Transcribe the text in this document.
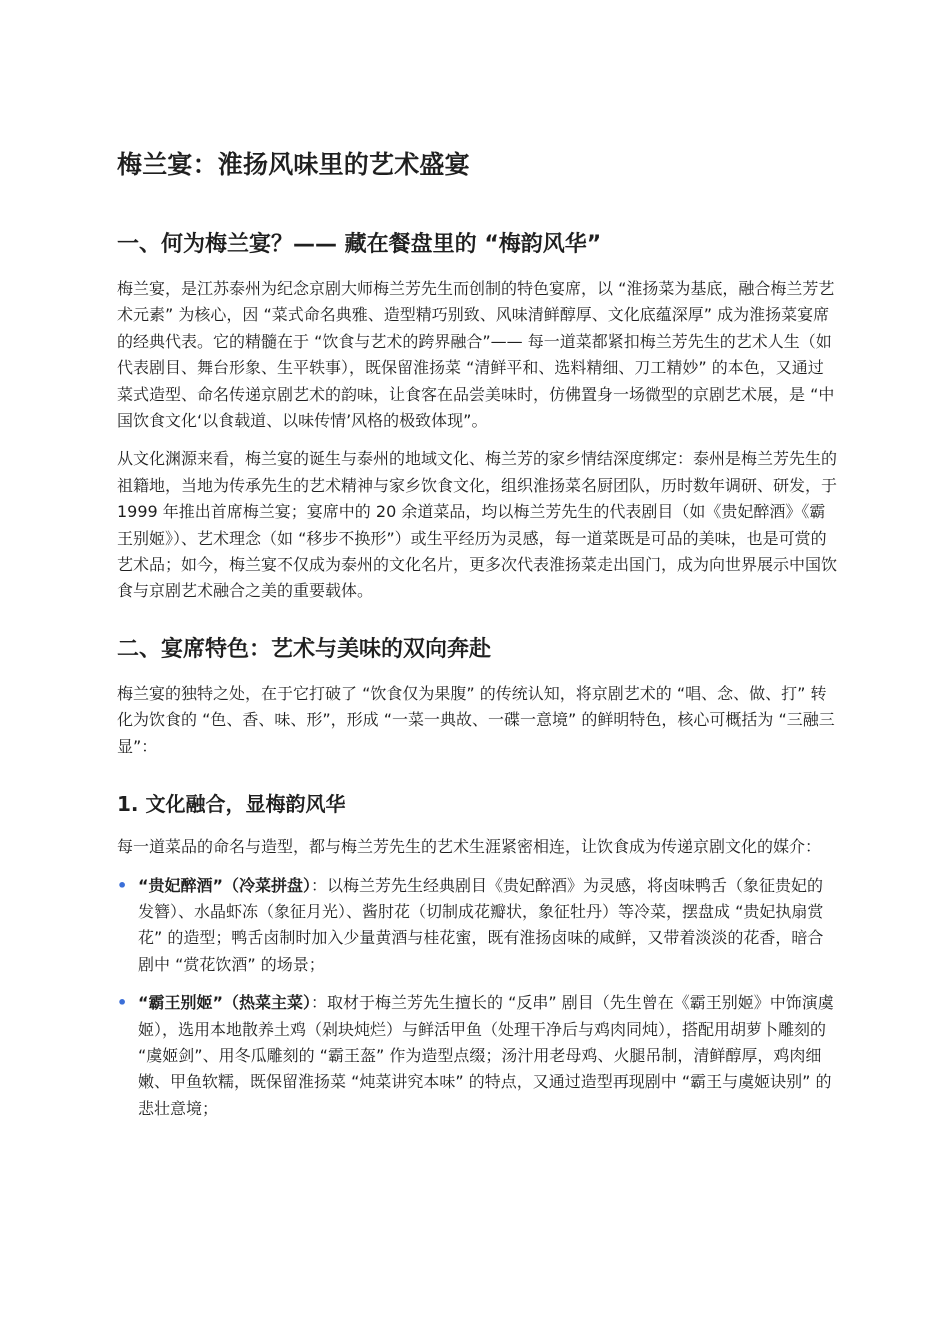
梅兰宴：淮扬风味里的艺术盛宴
一、何为梅兰宴？—— 藏在餐盘里的 “梅韵风华”

梅兰宴，是江苏泰州为纪念京剧大师梅兰芳先生而创制的特色宴席，以 “淮扬菜为基底，融合梅兰芳艺术元素” 为核心，因 “菜式命名典雅、造型精巧别致、风味清鲜醇厚、文化底蕴深厚” 成为淮扬菜宴席的经典代表。它的精髓在于 “饮食与艺术的跨界融合”—— 每一道菜都紧扣梅兰芳先生的艺术人生（如代表剧目、舞台形象、生平轶事），既保留淮扬菜 “清鲜平和、选料精细、刀工精妙” 的本色，又通过菜式造型、命名传递京剧艺术的韵味，让食客在品尝美味时，仿佛置身一场微型的京剧艺术展，是 “中国饮食文化‘以食载道、以味传情’风格的极致体现”。

从文化渊源来看，梅兰宴的诞生与泰州的地域文化、梅兰芳的家乡情结深度绑定：泰州是梅兰芳先生的祖籍地，当地为传承先生的艺术精神与家乡饮食文化，组织淮扬菜名厨团队，历时数年调研、研发，于 1999 年推出首席梅兰宴；宴席中的 20 余道菜品，均以梅兰芳先生的代表剧目（如《贵妃醉酒》《霸王别姬》）、艺术理念（如 “移步不换形”）或生平经历为灵感，每一道菜既是可品的美味，也是可赏的艺术品；如今，梅兰宴不仅成为泰州的文化名片，更多次代表淮扬菜走出国门，成为向世界展示中国饮食与京剧艺术融合之美的重要载体。

二、宴席特色：艺术与美味的双向奔赴

梅兰宴的独特之处，在于它打破了 “饮食仅为果腹” 的传统认知，将京剧艺术的 “唱、念、做、打” 转化为饮食的 “色、香、味、形”，形成 “一菜一典故、一碟一意境” 的鲜明特色，核心可概括为 “三融三显”：

1. 文化融合，显梅韵风华

每一道菜品的命名与造型，都与梅兰芳先生的艺术生涯紧密相连，让饮食成为传递京剧文化的媒介：

• “贵妃醉酒”（冷菜拼盘）：以梅兰芳先生经典剧目《贵妃醉酒》为灵感，将卤味鸭舌（象征贵妃的发簪）、水晶虾冻（象征月光）、酱肘花（切制成花瓣状，象征牡丹）等冷菜，摆盘成 “贵妃执扇赏花” 的造型；鸭舌卤制时加入少量黄酒与桂花蜜，既有淮扬卤味的咸鲜，又带着淡淡的花香，暗合剧中 “赏花饮酒” 的场景；
• “霸王别姬”（热菜主菜）：取材于梅兰芳先生擅长的 “反串” 剧目（先生曾在《霸王别姬》中饰演虞姬），选用本地散养土鸡（剁块炖烂）与鲜活甲鱼（处理干净后与鸡肉同炖），搭配用胡萝卜雕刻的 “虞姬剑”、用冬瓜雕刻的 “霸王盔” 作为造型点缀；汤汁用老母鸡、火腿吊制，清鲜醇厚，鸡肉细嫩、甲鱼软糯，既保留淮扬菜 “炖菜讲究本味” 的特点，又通过造型再现剧中 “霸王与虞姬诀别” 的悲壮意境；
